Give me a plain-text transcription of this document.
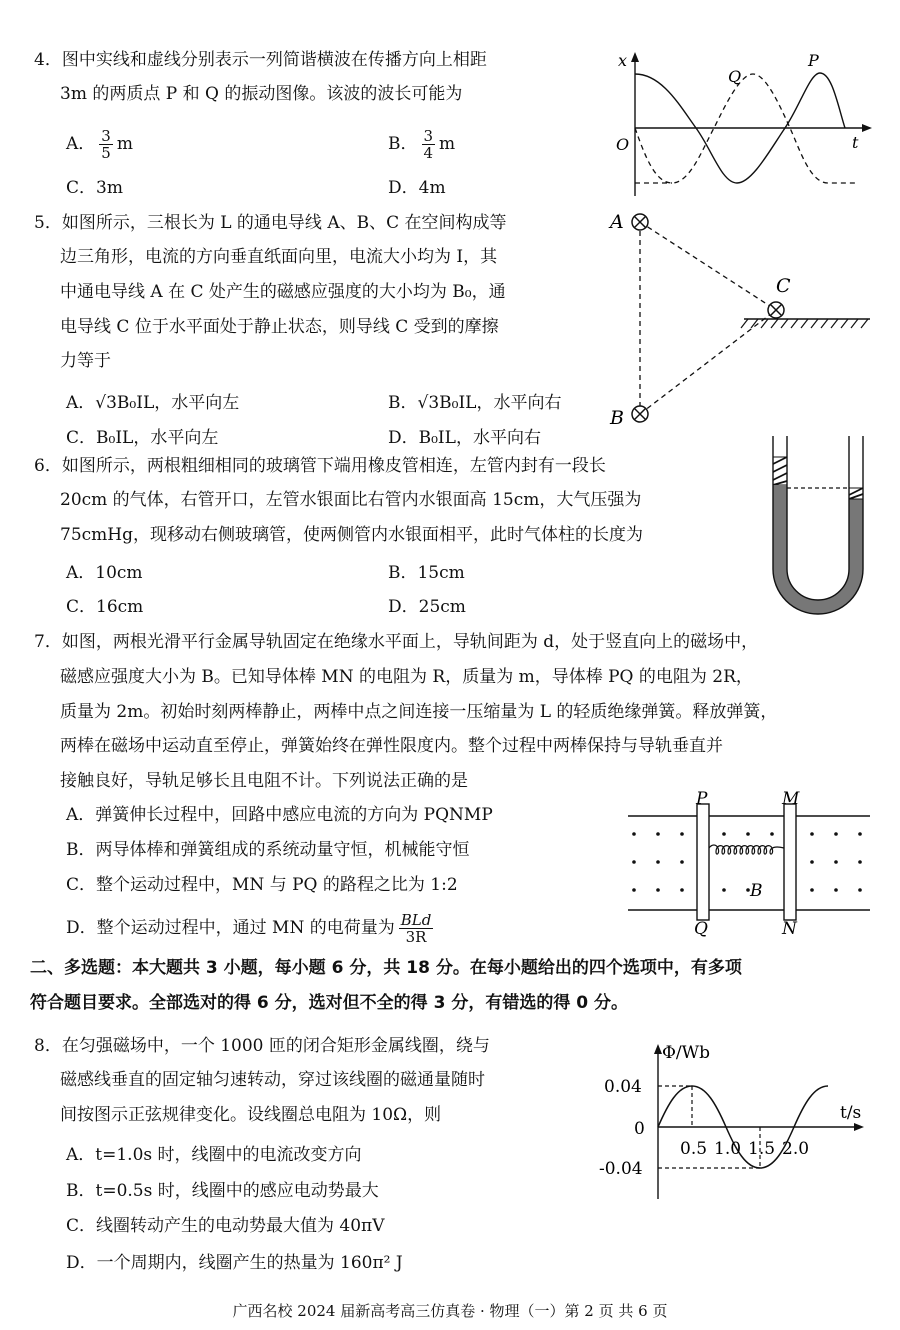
4．图中实线和虚线分别表示一列简谐横波在传播方向上相距
3m 的两质点 P 和 Q 的振动图像。该波的波长可能为
A． $\frac{3}{5}$ m	B． $\frac{3}{4}$ m
C．3m	D．4m
x
t
O
P
Q
5．如图所示，三根长为 L 的通电导线 A、B、C 在空间构成等
边三角形，电流的方向垂直纸面向里，电流大小均为 I，其
中通电导线 A 在 C 处产生的磁感应强度的大小均为 B₀，通
电导线 C 位于水平面处于静止状态，则导线 C 受到的摩擦
力等于
A．√3B₀IL，水平向左	B．√3B₀IL，水平向右
C．B₀IL，水平向左	D．B₀IL，水平向右
A
B
C
6．如图所示，两根粗细相同的玻璃管下端用橡皮管相连，左管内封有一段长
20cm 的气体，右管开口，左管水银面比右管内水银面高 15cm，大气压强为
75cmHg，现移动右侧玻璃管，使两侧管内水银面相平，此时气体柱的长度为
A．10cm	B．15cm
C．16cm	D．25cm
7．如图，两根光滑平行金属导轨固定在绝缘水平面上，导轨间距为 d，处于竖直向上的磁场中，
磁感应强度大小为 B。已知导体棒 MN 的电阻为 R，质量为 m，导体棒 PQ 的电阻为 2R，
质量为 2m。初始时刻两棒静止，两棒中点之间连接一压缩量为 L 的轻质绝缘弹簧。释放弹簧，
两棒在磁场中运动直至停止，弹簧始终在弹性限度内。整个过程中两棒保持与导轨垂直并
接触良好，导轨足够长且电阻不计。下列说法正确的是
A．弹簧伸长过程中，回路中感应电流的方向为 PQNMP
B．两导体棒和弹簧组成的系统动量守恒，机械能守恒
C．整个运动过程中，MN 与 PQ 的路程之比为 1:2
D．整个运动过程中，通过 MN 的电荷量为 $\frac{\text{BLd}}{3R}$
P	M
Q	N
B
二、多选题：本大题共 3 小题，每小题 6 分，共 18 分。在每小题给出的四个选项中，有多项
符合题目要求。全部选对的得 6 分，选对但不全的得 3 分，有错选的得 0 分。
8．在匀强磁场中，一个 1000 匝的闭合矩形金属线圈，绕与
磁感线垂直的固定轴匀速转动，穿过该线圈的磁通量随时
间按图示正弦规律变化。设线圈总电阻为 10Ω，则
A．t=1.0s 时，线圈中的电流改变方向
B．t=0.5s 时，线圈中的感应电动势最大
C．线圈转动产生的电动势最大值为 40πV
D．一个周期内，线圈产生的热量为 160π² J
Φ/Wb
t/s
0.04
0
-0.04
0.5 1.0 1.5 2.0
广西名校 2024 届新高考高三仿真卷 · 物理（一）第 2 页 共 6 页
